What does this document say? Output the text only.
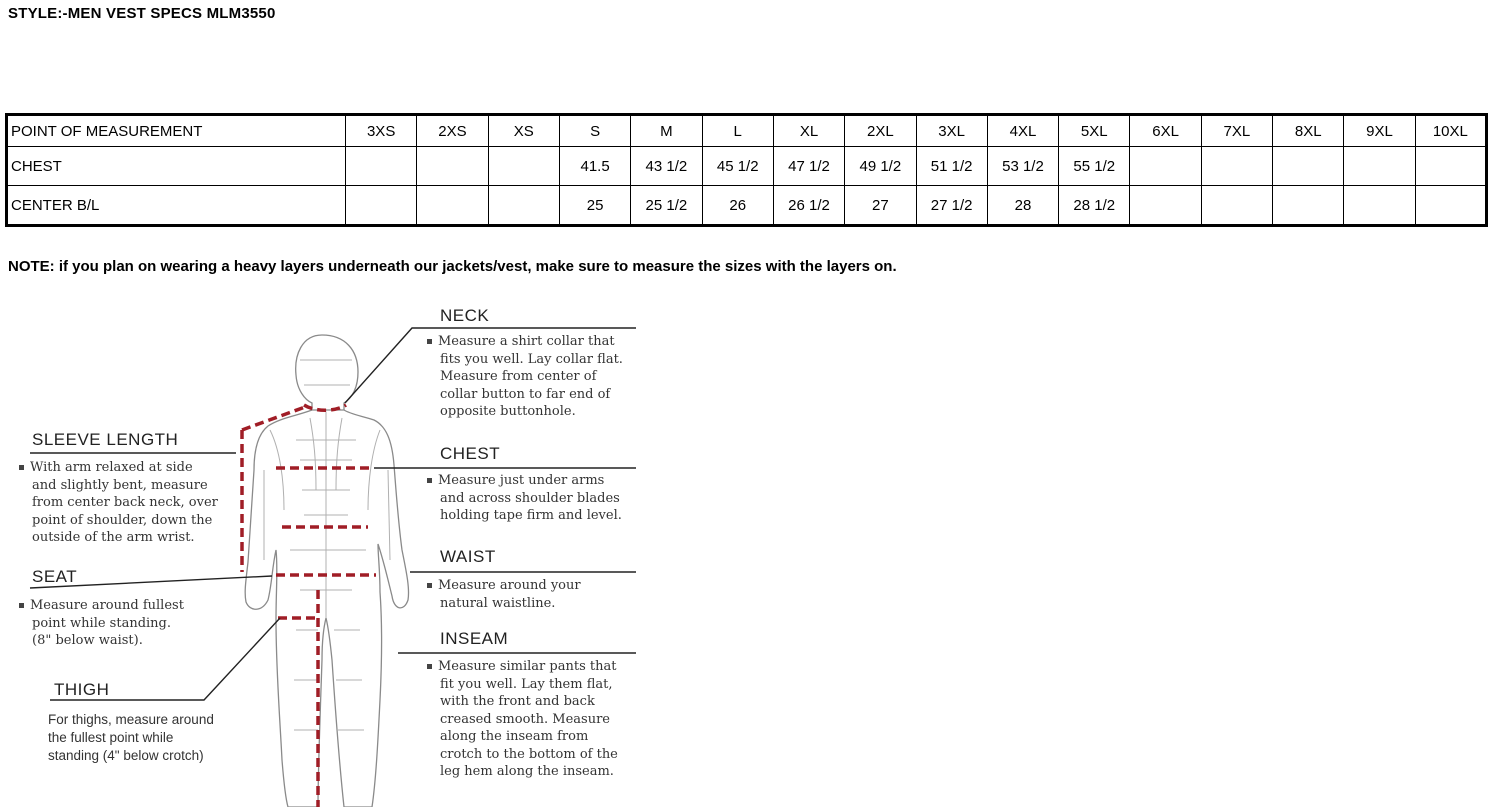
STYLE:-MEN VEST SPECS MLM3550
POINT OF MEASUREMENT	3XS	2XS	XS	S	M	L	XL	2XL	3XL	4XL	5XL	6XL	7XL	8XL	9XL	10XL
CHEST				41.5	43 1/2	45 1/2	47 1/2	49 1/2	51 1/2	53 1/2	55 1/2					
CENTER B/L				25	25 1/2	26	26 1/2	27	27 1/2	28	28 1/2					
NOTE: if you plan on wearing a heavy layers underneath our jackets/vest, make sure to measure the sizes with the layers on.
NECK
Measure a shirt collar that
fits you well. Lay collar flat.
Measure from center of
collar button to far end of
opposite buttonhole.
CHEST
Measure just under arms
and across shoulder blades
holding tape firm and level.
WAIST
Measure around your
natural waistline.
INSEAM
Measure similar pants that
fit you well. Lay them flat,
with the front and back
creased smooth. Measure
along the inseam from
crotch to the bottom of the
leg hem along the inseam.
SLEEVE LENGTH
With arm relaxed at side
and slightly bent, measure
from center back neck, over
point of shoulder, down the
outside of the arm wrist.
SEAT
Measure around fullest
point while standing.
(8" below waist).
THIGH
For thighs, measure around
the fullest point while
standing (4" below crotch)
